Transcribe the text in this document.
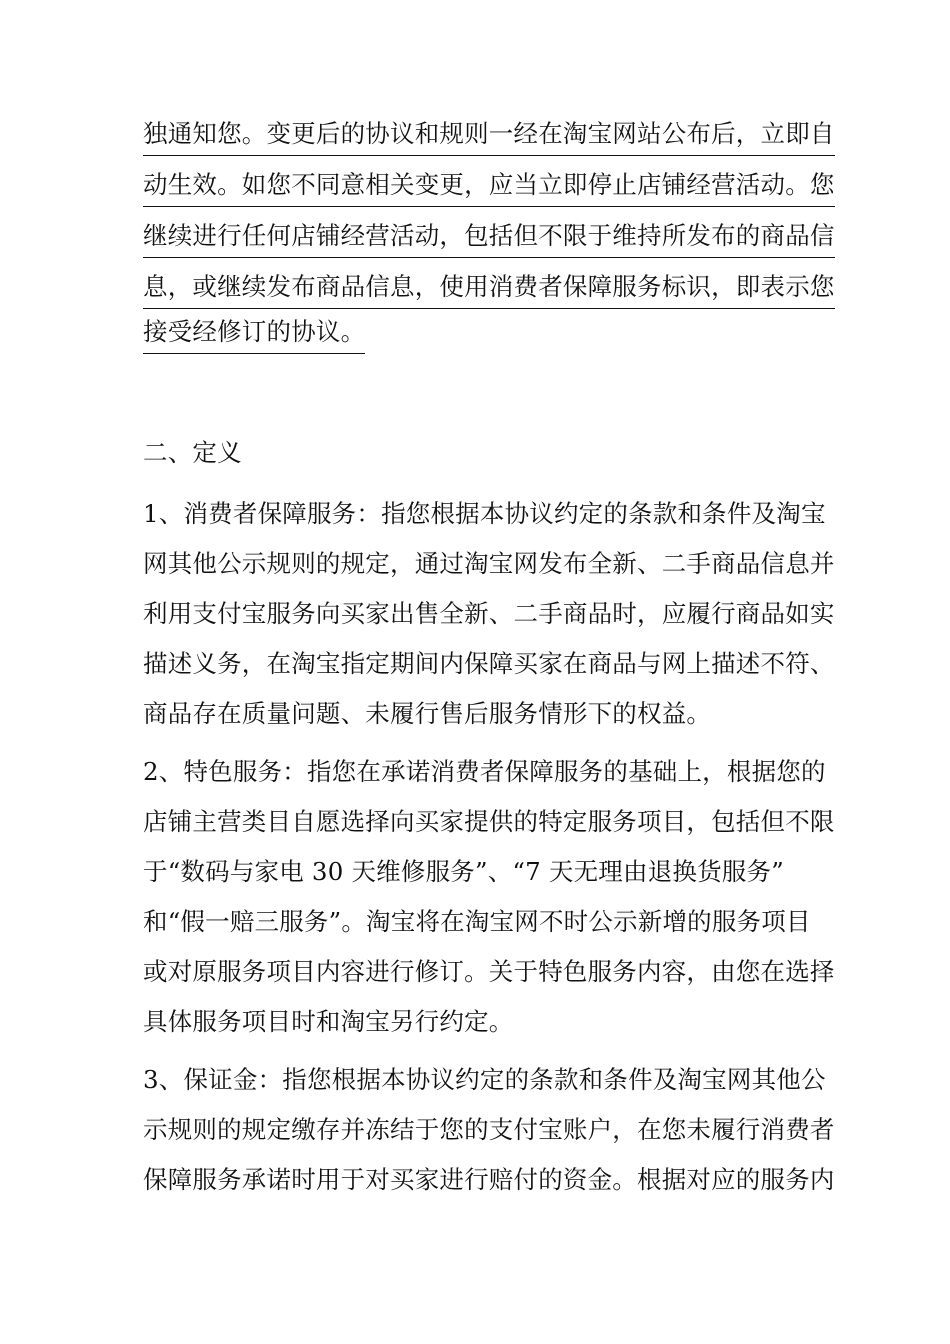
独通知您。变更后的协议和规则一经在淘宝网站公布后，立即自
动生效。如您不同意相关变更，应当立即停止店铺经营活动。您
继续进行任何店铺经营活动，包括但不限于维持所发布的商品信
息，或继续发布商品信息，使用消费者保障服务标识，即表示您
接受经修订的协议。
二、定义
1、消费者保障服务：指您根据本协议约定的条款和条件及淘宝
网其他公示规则的规定，通过淘宝网发布全新、二手商品信息并
利用支付宝服务向买家出售全新、二手商品时，应履行商品如实
描述义务，在淘宝指定期间内保障买家在商品与网上描述不符、
商品存在质量问题、未履行售后服务情形下的权益。
2、特色服务：指您在承诺消费者保障服务的基础上，根据您的
店铺主营类目自愿选择向买家提供的特定服务项目，包括但不限
于“数码与家电 30 天维修服务”、“7 天无理由退换货服务”
和“假一赔三服务”。淘宝将在淘宝网不时公示新增的服务项目
或对原服务项目内容进行修订。关于特色服务内容，由您在选择
具体服务项目时和淘宝另行约定。
3、保证金：指您根据本协议约定的条款和条件及淘宝网其他公
示规则的规定缴存并冻结于您的支付宝账户，在您未履行消费者
保障服务承诺时用于对买家进行赔付的资金。根据对应的服务内
